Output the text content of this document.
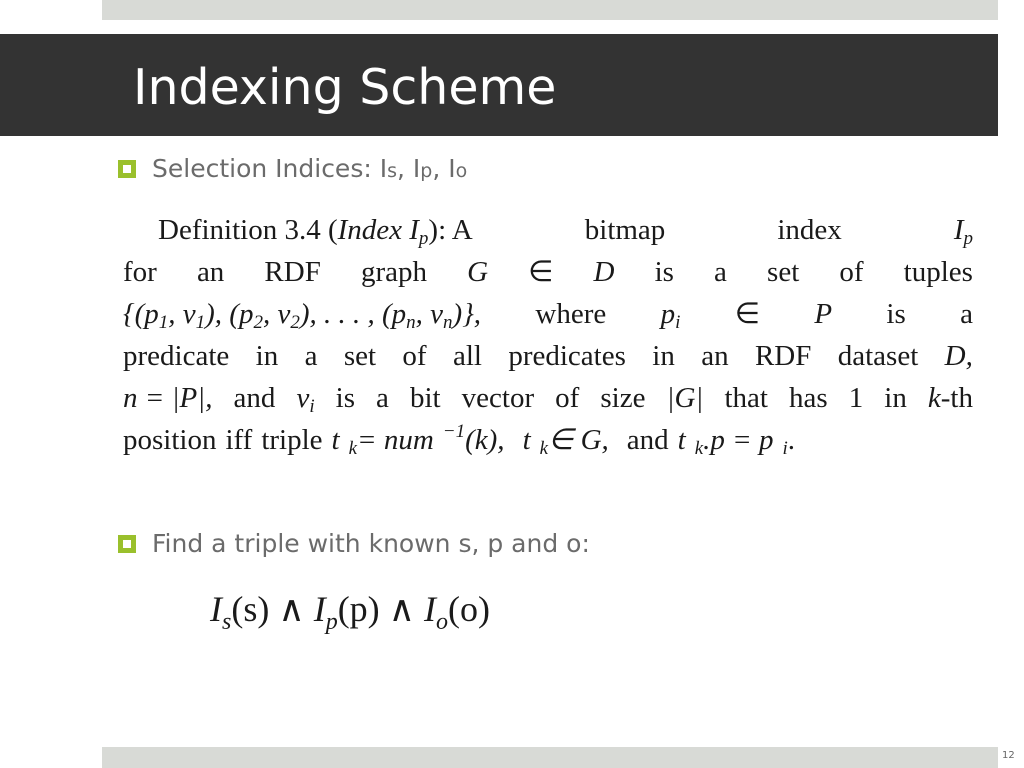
Indexing Scheme
Selection Indices: Is, Ip, Io
Definition 3.4 (Index $I_p$): A	bitmap	index	$I_p$
for an RDF graph G ∈ D is a set of tuples
{($p_1$, $v_1$), ($p_2$, $v_2$), . . . , ($p_n$, $v_n$)}, where $p_i$ ∈ P is a
predicate in a set of all predicates in an RDF dataset D,
n = |P|, and $v_i$ is a bit vector of size |G| that has 1 in k-th
position iff triple t $_k$= num $^{-1}$(k), t $_k$∈ G, and t $_k$.p = p $_i$.
Find a triple with known s, p and o:
$I_s(s)$ ∧ $I_p(p)$ ∧ $I_o(o)$
12
